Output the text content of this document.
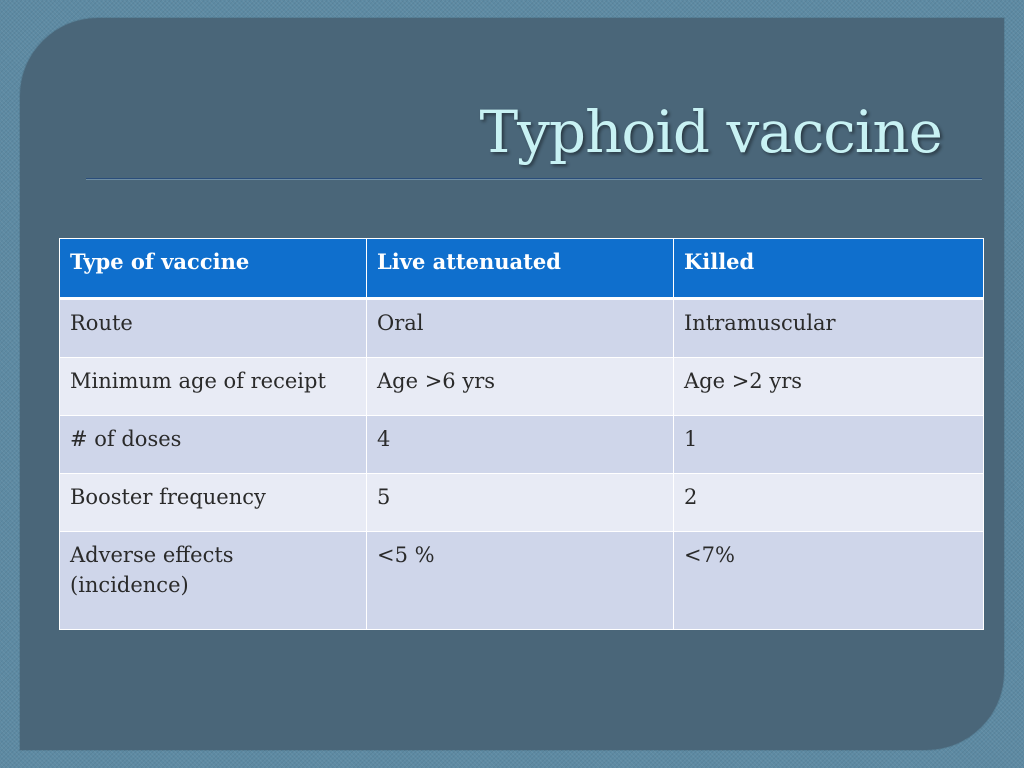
Typhoid vaccine
Type of vaccine	Live attenuated	Killed
Route	Oral	Intramuscular
Minimum age of receipt	Age >6 yrs	Age >2 yrs
# of doses	4	1
Booster frequency	5	2
Adverse effects (incidence)	<5 %	<7%
